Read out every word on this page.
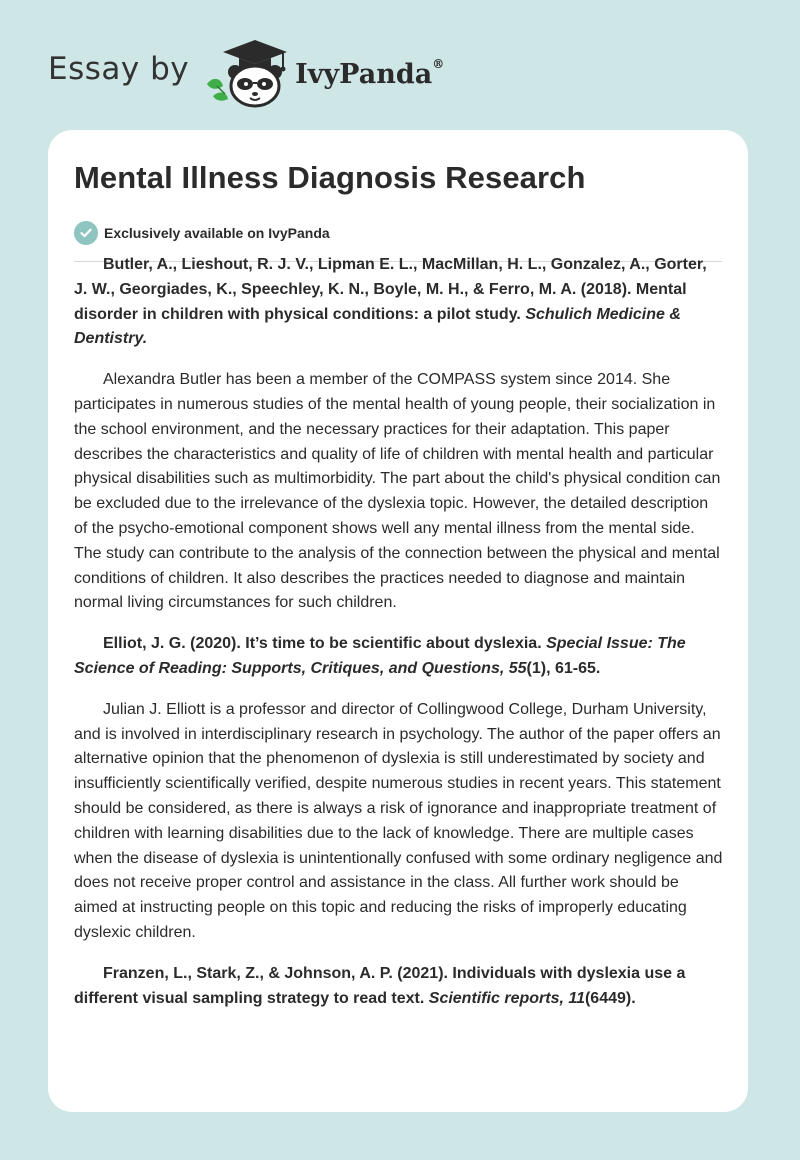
Essay by	IvyPanda®
Mental Illness Diagnosis Research
Exclusively available on IvyPanda

Butler, A., Lieshout, R. J. V., Lipman E. L., MacMillan, H. L., Gonzalez, A., Gorter, J. W., Georgiades, K., Speechley, K. N., Boyle, M. H., & Ferro, M. A. (2018). Mental disorder in children with physical conditions: a pilot study. Schulich Medicine & Dentistry.

Alexandra Butler has been a member of the COMPASS system since 2014. She participates in numerous studies of the mental health of young people, their socialization in the school environment, and the necessary practices for their adaptation. This paper describes the characteristics and quality of life of children with mental health and particular physical disabilities such as multimorbidity. The part about the child's physical condition can be excluded due to the irrelevance of the dyslexia topic. However, the detailed description of the psycho-emotional component shows well any mental illness from the mental side. The study can contribute to the analysis of the connection between the physical and mental conditions of children. It also describes the practices needed to diagnose and maintain normal living circumstances for such children.

Elliot, J. G. (2020). It’s time to be scientific about dyslexia. Special Issue: The Science of Reading: Supports, Critiques, and Questions, 55(1), 61-65.

Julian J. Elliott is a professor and director of Collingwood College, Durham University, and is involved in interdisciplinary research in psychology. The author of the paper offers an alternative opinion that the phenomenon of dyslexia is still underestimated by society and insufficiently scientifically verified, despite numerous studies in recent years. This statement should be considered, as there is always a risk of ignorance and inappropriate treatment of children with learning disabilities due to the lack of knowledge. There are multiple cases when the disease of dyslexia is unintentionally confused with some ordinary negligence and does not receive proper control and assistance in the class. All further work should be aimed at instructing people on this topic and reducing the risks of improperly educating dyslexic children.

Franzen, L., Stark, Z., & Johnson, A. P. (2021). Individuals with dyslexia use a different visual sampling strategy to read text. Scientific reports, 11(6449).
